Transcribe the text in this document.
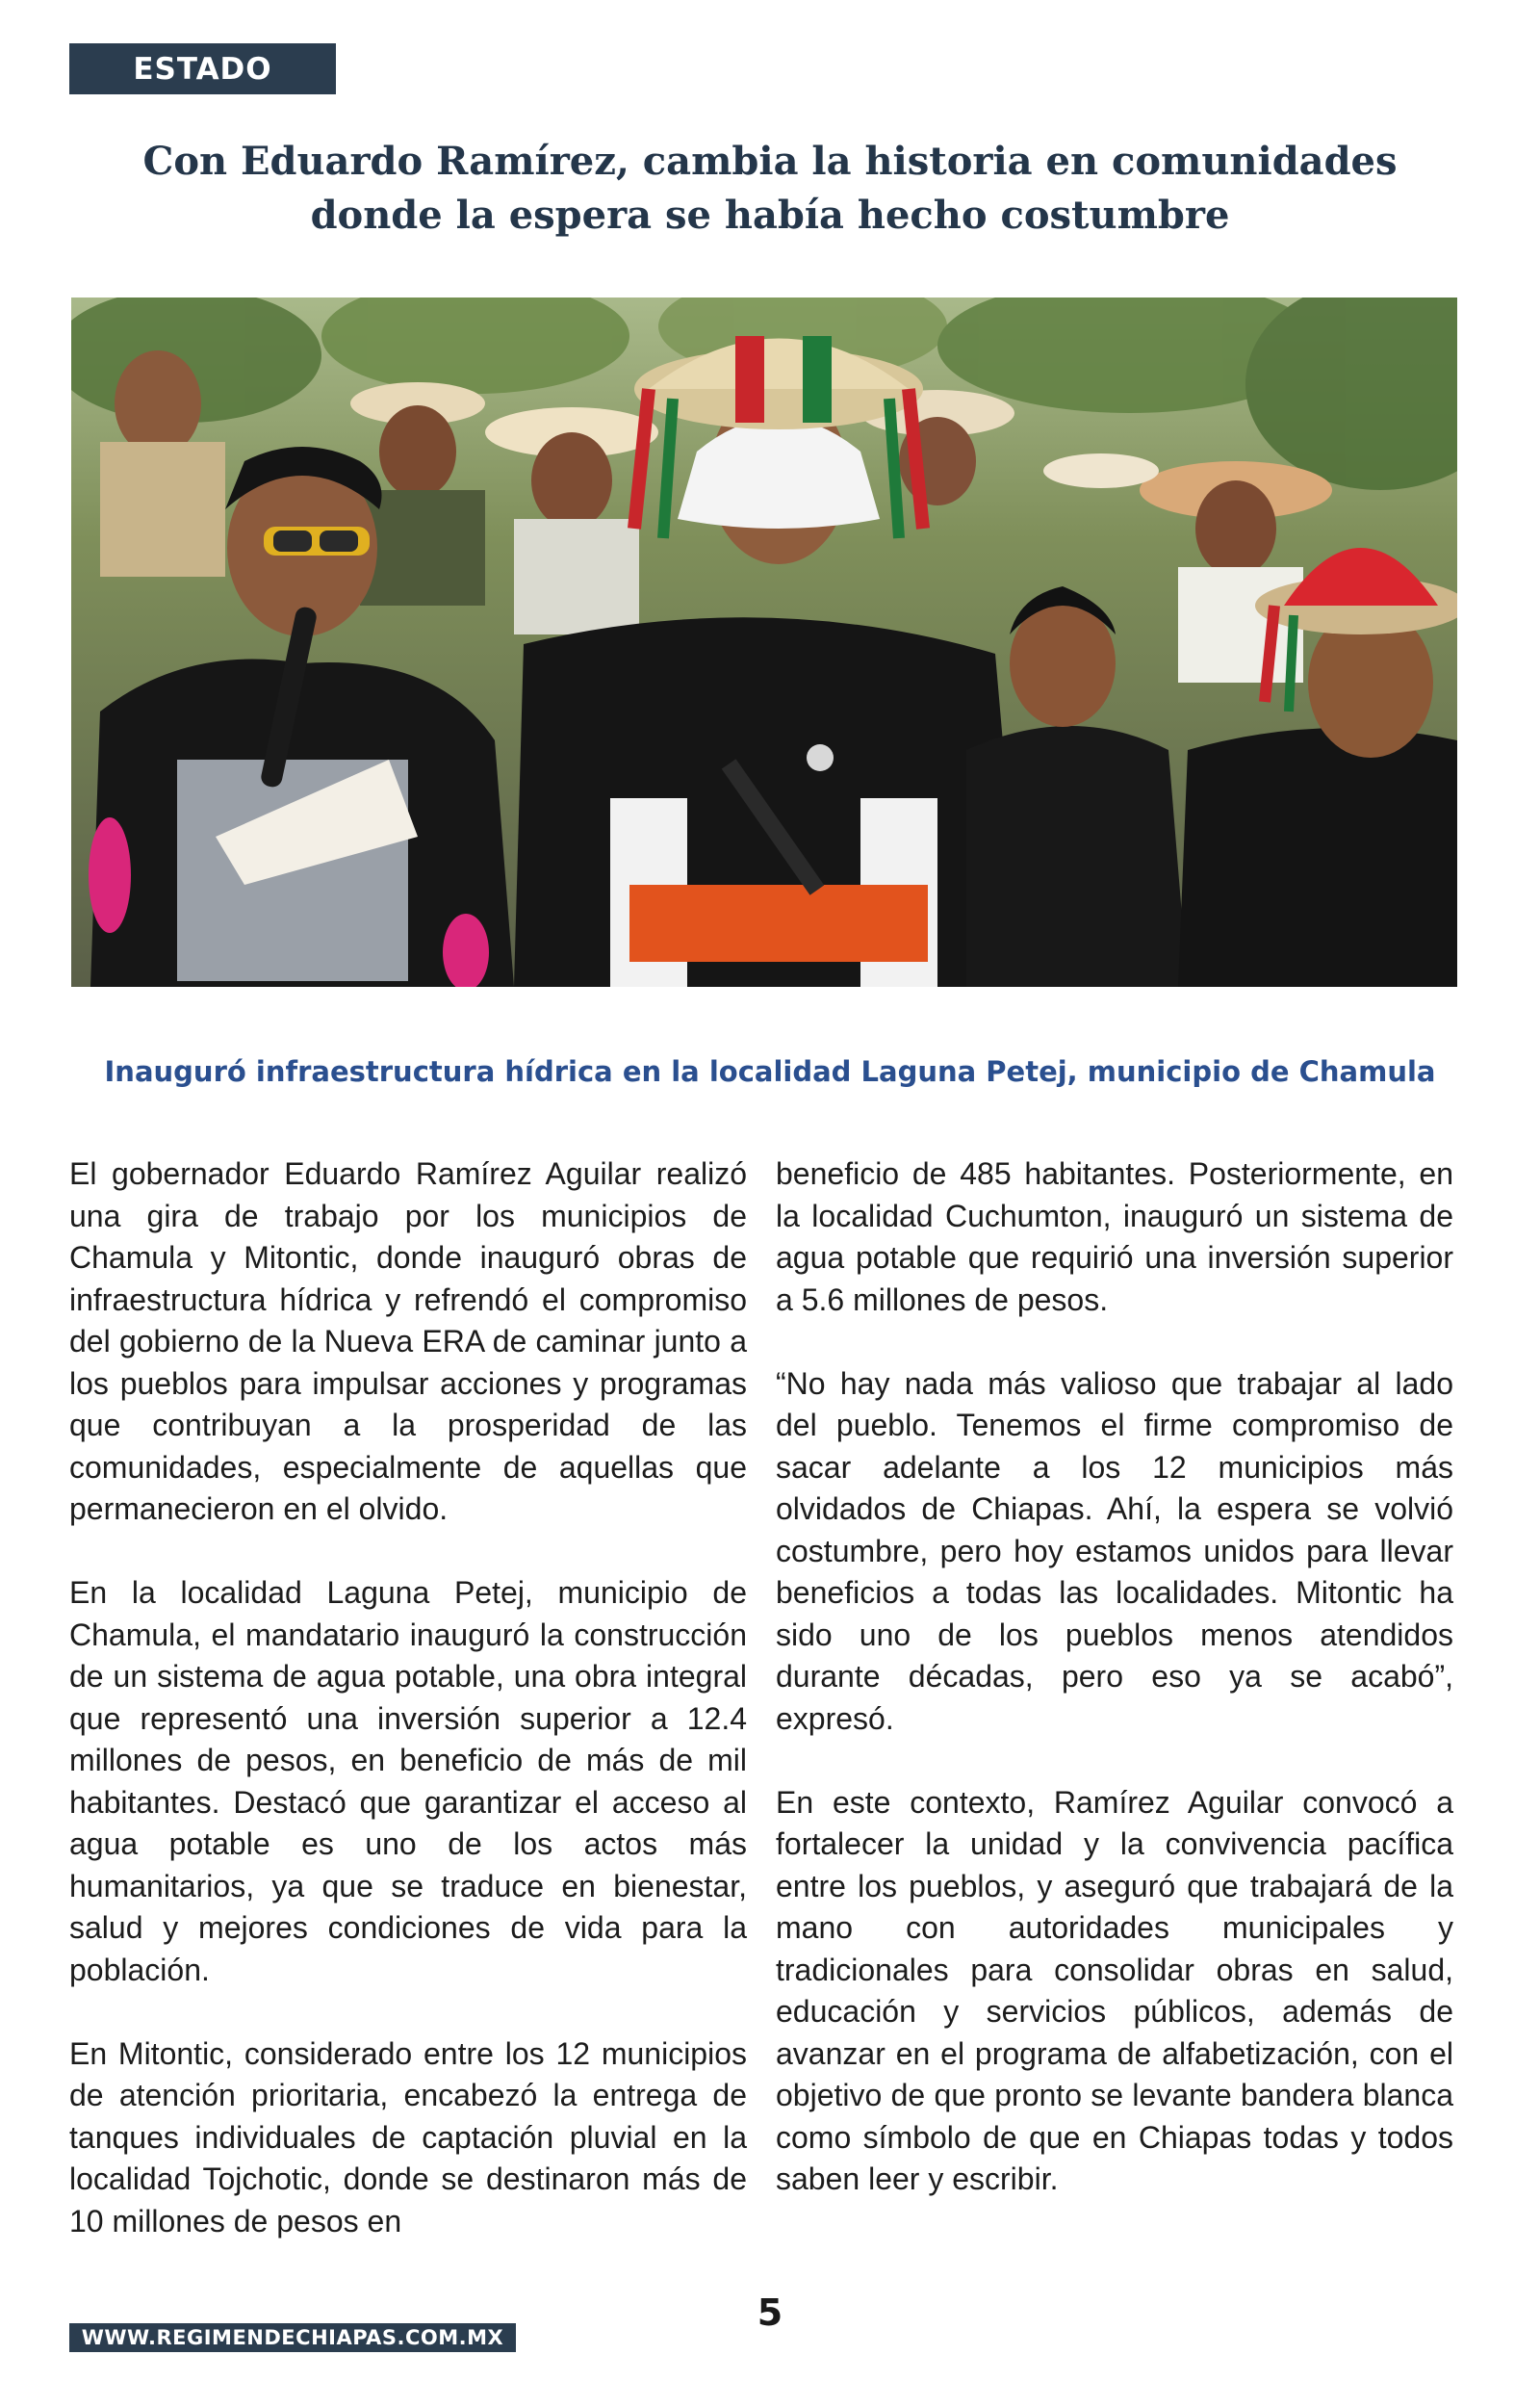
ESTADO
Con Eduardo Ramírez, cambia la historia en comunidades
donde la espera se había hecho costumbre

Inauguró infraestructura hídrica en la localidad Laguna Petej, municipio de Chamula

El gobernador Eduardo Ramírez Aguilar realizó una gira de trabajo por los municipios de Chamula y Mitontic, donde inauguró obras de infraestructura hídrica y refrendó el compromiso del gobierno de la Nueva ERA de caminar junto a los pueblos para impulsar acciones y programas que contribuyan a la prosperidad de las comunidades, especialmente de aquellas que permanecieron en el olvido.

En la localidad Laguna Petej, municipio de Chamula, el mandatario inauguró la construcción de un sistema de agua potable, una obra integral que representó una inversión superior a 12.4 millones de pesos, en beneficio de más de mil habitantes. Destacó que garantizar el acceso al agua potable es uno de los actos más humanitarios, ya que se traduce en bienestar, salud y mejores condiciones de vida para la población.

En Mitontic, considerado entre los 12 municipios de atención prioritaria, encabezó la entrega de tanques individuales de captación pluvial en la localidad Tojchotic, donde se destinaron más de 10 millones de pesos en

beneficio de 485 habitantes. Posteriormente, en la localidad Cuchumton, inauguró un sistema de agua potable que requirió una inversión superior a 5.6 millones de pesos.

“No hay nada más valioso que trabajar al lado del pueblo. Tenemos el firme compromiso de sacar adelante a los 12 municipios más olvidados de Chiapas. Ahí, la espera se volvió costumbre, pero hoy estamos unidos para llevar beneficios a todas las localidades. Mitontic ha sido uno de los pueblos menos atendidos durante décadas, pero eso ya se acabó”, expresó.

En este contexto, Ramírez Aguilar convocó a fortalecer la unidad y la convivencia pacífica entre los pueblos, y aseguró que trabajará de la mano con autoridades municipales y tradicionales para consolidar obras en salud, educación y servicios públicos, además de avanzar en el programa de alfabetización, con el objetivo de que pronto se levante bandera blanca como símbolo de que en Chiapas todas y todos saben leer y escribir.

WWW.REGIMENDECHIAPAS.COM.MX
5
